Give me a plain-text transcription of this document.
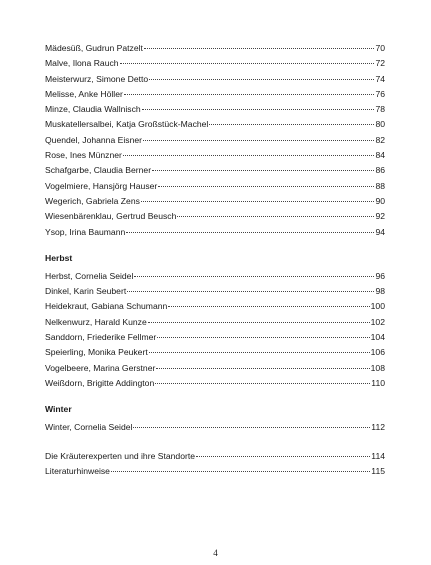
Mädesüß, Gudrun Patzelt	70
Malve, Ilona Rauch	72
Meisterwurz, Simone Detto	74
Melisse, Anke Höller	76
Minze, Claudia Wallnisch	78
Muskatellersalbei, Katja Großstück-Machel	80
Quendel, Johanna Eisner	82
Rose, Ines Münzner	84
Schafgarbe, Claudia Berner	86
Vogelmiere, Hansjörg Hauser	88
Wegerich, Gabriela Zens	90
Wiesenbärenklau, Gertrud Beusch	92
Ysop, Irina Baumann	94
Herbst
Herbst, Cornelia Seidel	96
Dinkel, Karin Seubert	98
Heidekraut, Gabiana Schumann	100
Nelkenwurz, Harald Kunze	102
Sanddorn, Friederike Fellmer	104
Speierling, Monika Peukert	106
Vogelbeere, Marina Gerstner	108
Weißdorn, Brigitte Addington	110
Winter
Winter, Cornelia Seidel	112
Die Kräuterexperten und ihre Standorte	114
Literaturhinweise	115
4
